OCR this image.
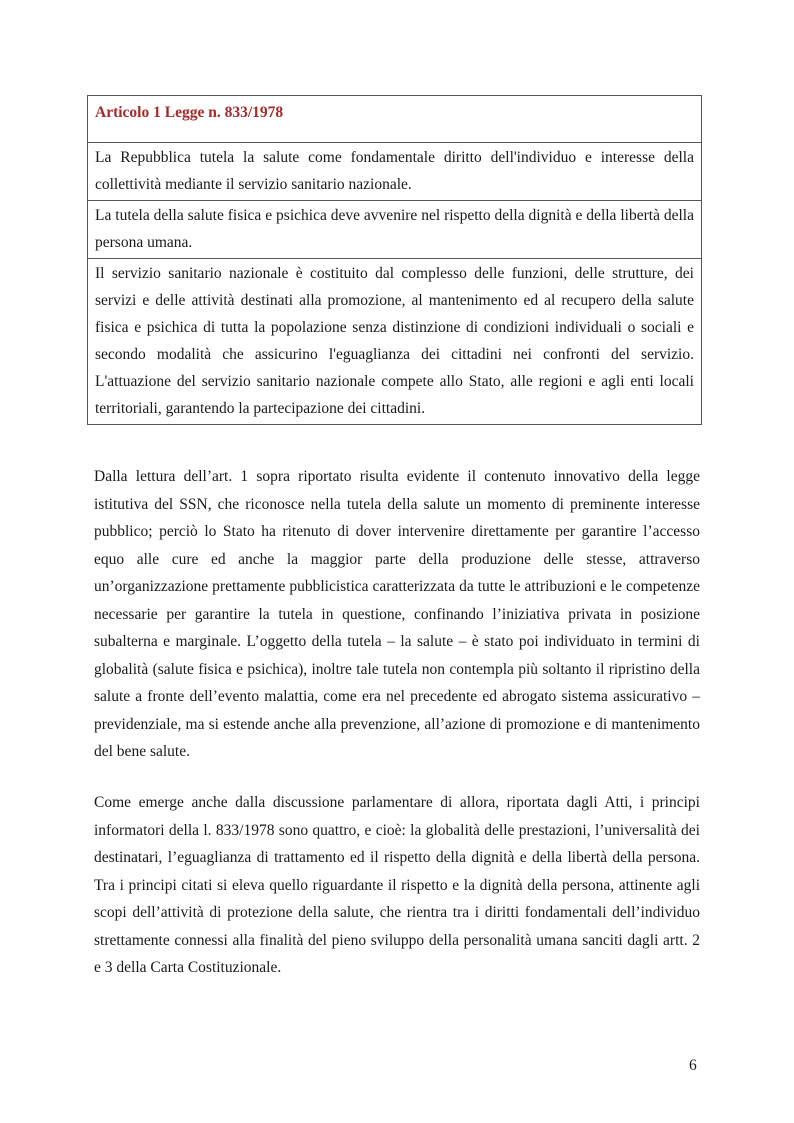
Articolo 1 Legge n. 833/1978
La Repubblica tutela la salute come fondamentale diritto dell'individuo e interesse della collettività mediante il servizio sanitario nazionale.
La tutela della salute fisica e psichica deve avvenire nel rispetto della dignità e della libertà della persona umana.
Il servizio sanitario nazionale è costituito dal complesso delle funzioni, delle strutture, dei servizi e delle attività destinati alla promozione, al mantenimento ed al recupero della salute fisica e psichica di tutta la popolazione senza distinzione di condizioni individuali o sociali e secondo modalità che assicurino l'eguaglianza dei cittadini nei confronti del servizio. L'attuazione del servizio sanitario nazionale compete allo Stato, alle regioni e agli enti locali territoriali, garantendo la partecipazione dei cittadini.

Dalla lettura dell’art. 1 sopra riportato risulta evidente il contenuto innovativo della legge istitutiva del SSN, che riconosce nella tutela della salute un momento di preminente interesse pubblico; perciò lo Stato ha ritenuto di dover intervenire direttamente per garantire l’accesso equo alle cure ed anche la maggior parte della produzione delle stesse, attraverso un’organizzazione prettamente pubblicistica caratterizzata da tutte le attribuzioni e le competenze necessarie per garantire la tutela in questione, confinando l’iniziativa privata in posizione subalterna e marginale. L’oggetto della tutela – la salute – è stato poi individuato in termini di globalità (salute fisica e psichica), inoltre tale tutela non contempla più soltanto il ripristino della salute a fronte dell’evento malattia, come era nel precedente ed abrogato sistema assicurativo – previdenziale, ma si estende anche alla prevenzione, all’azione di promozione e di mantenimento del bene salute.

Come emerge anche dalla discussione parlamentare di allora, riportata dagli Atti, i principi informatori della l. 833/1978 sono quattro, e cioè: la globalità delle prestazioni, l’universalità dei destinatari, l’eguaglianza di trattamento ed il rispetto della dignità e della libertà della persona. Tra i principi citati si eleva quello riguardante il rispetto e la dignità della persona, attinente agli scopi dell’attività di protezione della salute, che rientra tra i diritti fondamentali dell’individuo strettamente connessi alla finalità del pieno sviluppo della personalità umana sanciti dagli artt. 2 e 3 della Carta Costituzionale.

6
